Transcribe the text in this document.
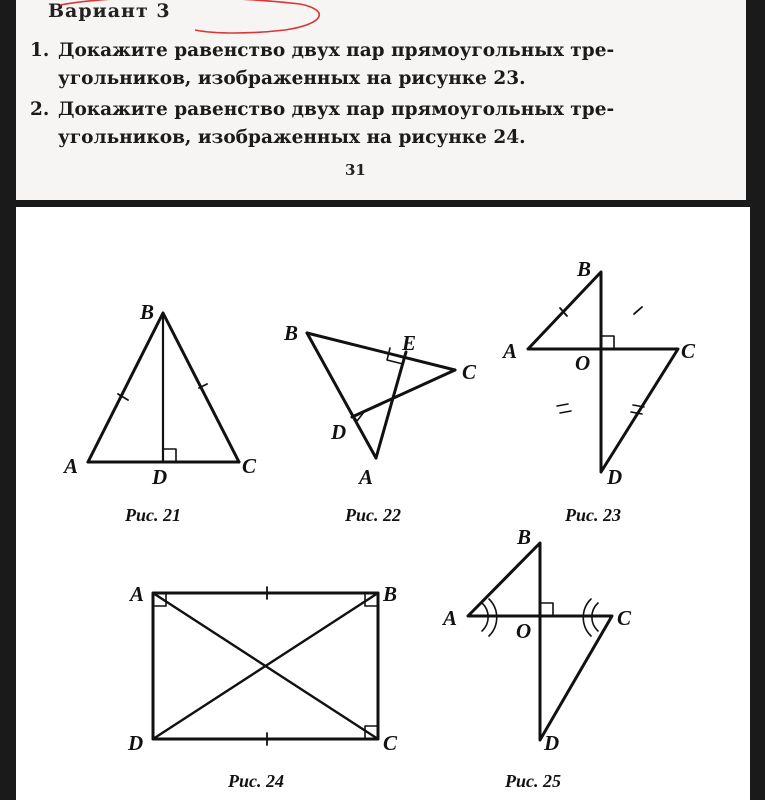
Вариант 3
1. Докажите равенство двух пар прямоугольных тре-
угольников, изображенных на рисунке 23.
2. Докажите равенство двух пар прямоугольных тре-
угольников, изображенных на рисунке 24.
31
B
A	D	C
Рис. 21
B	E
C
D
A
Рис. 22
B
A	O	C
D
Рис. 23
A	B
D	C
Рис. 24
B
A
O
C
D
Рис. 25
